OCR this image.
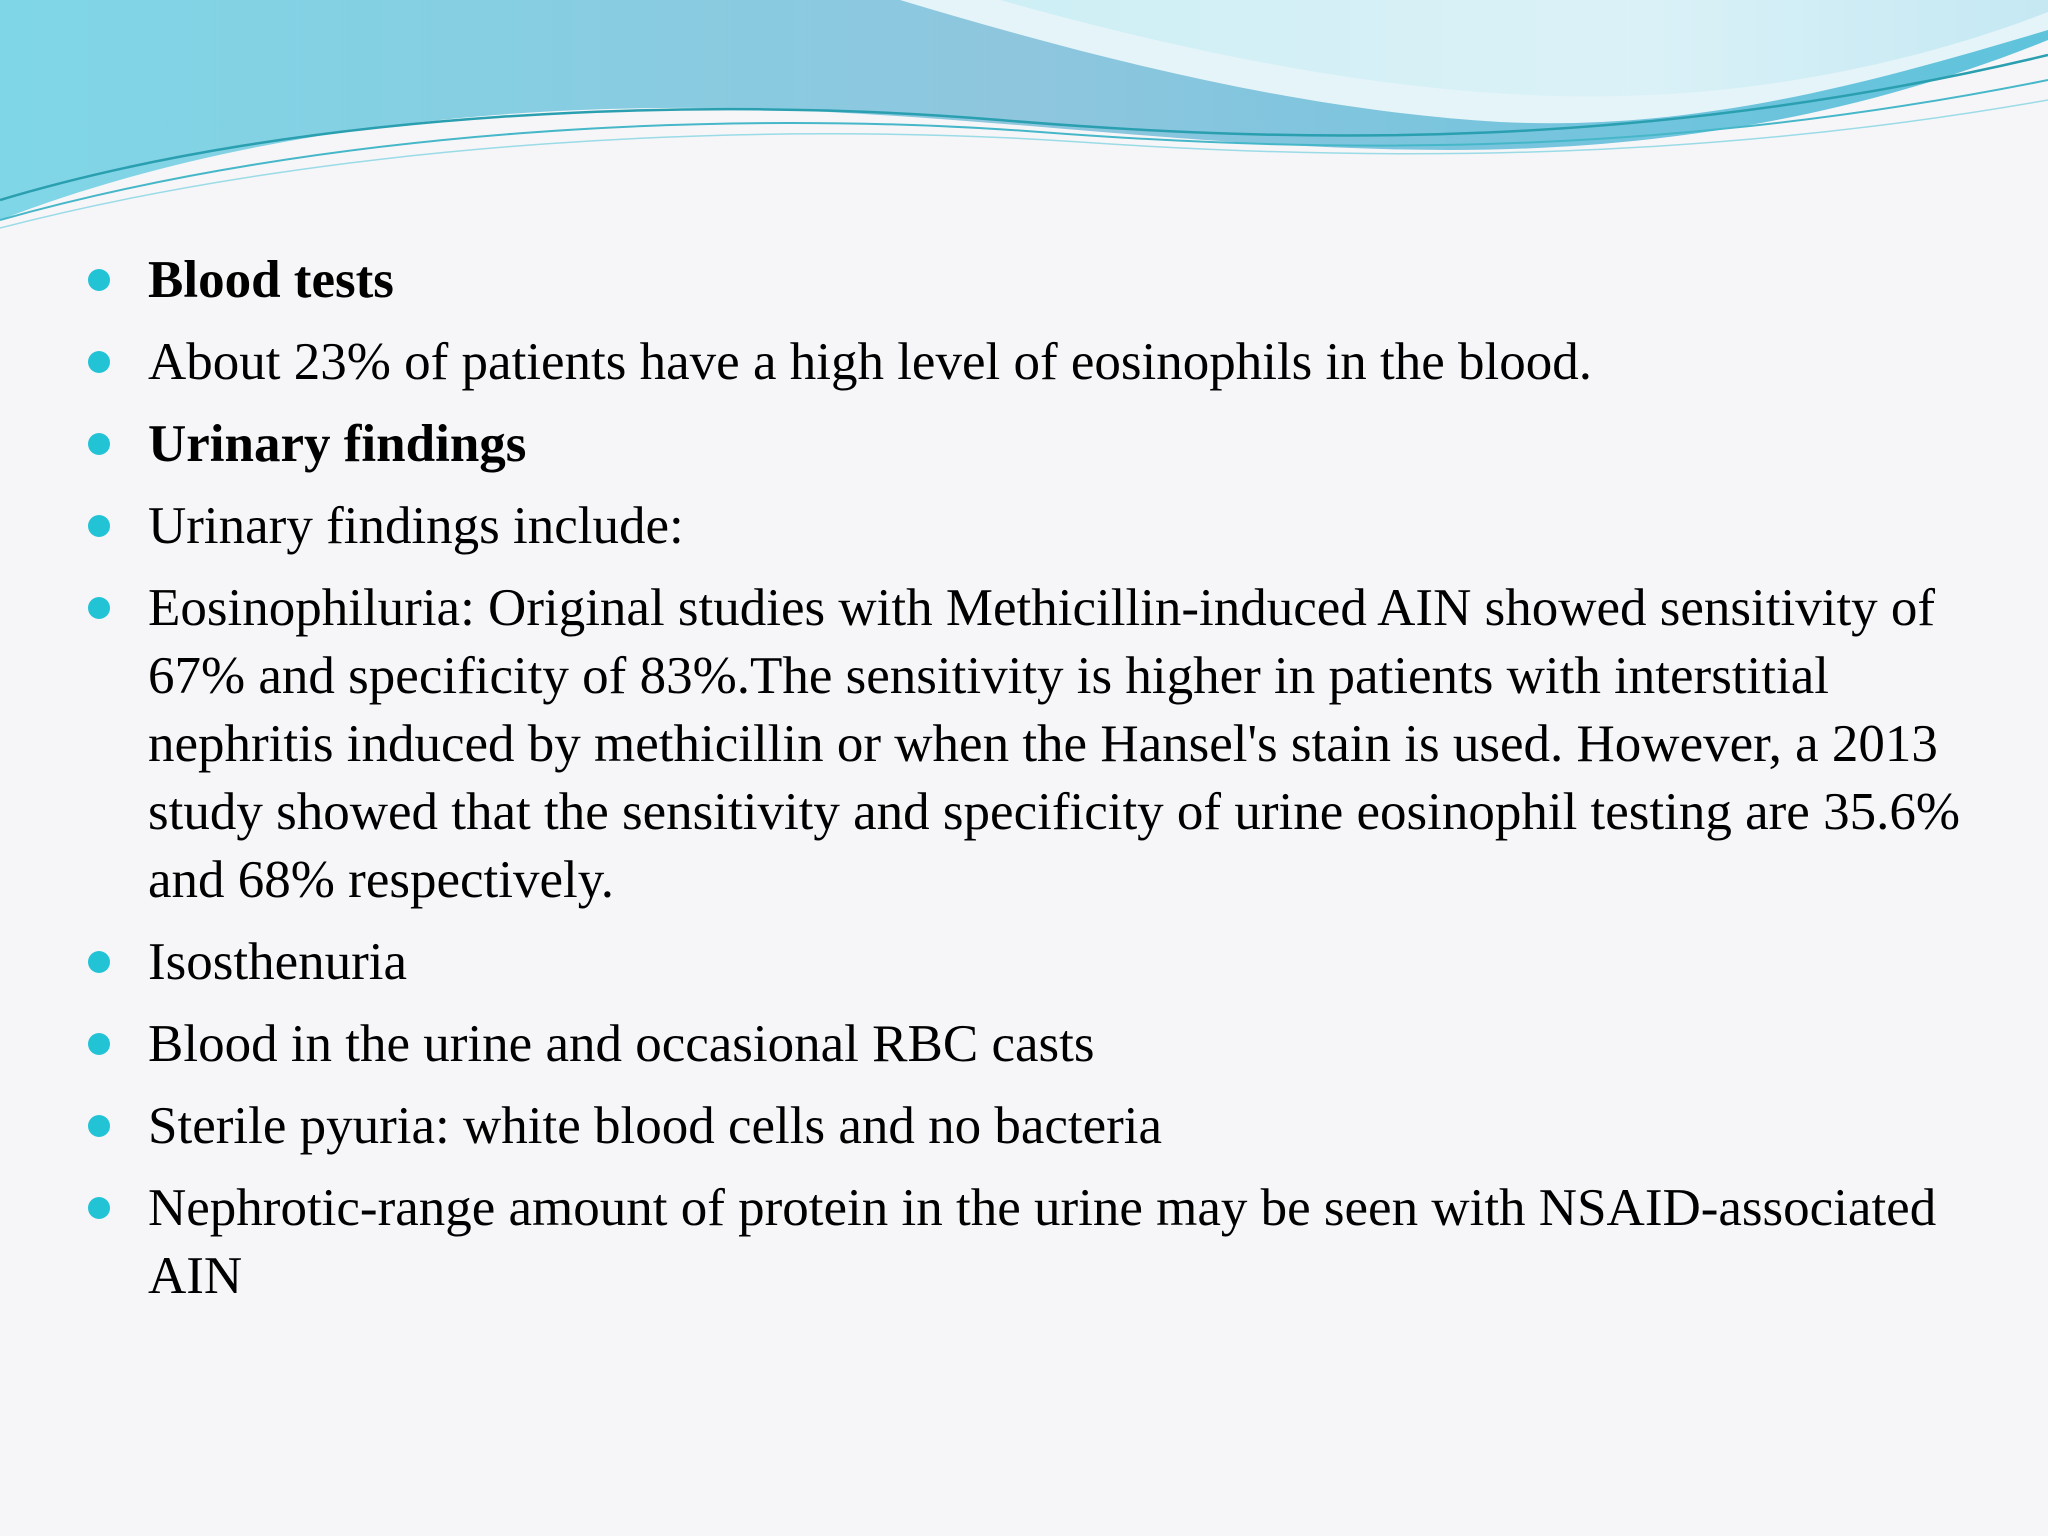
Blood tests
About 23% of patients have a high level of eosinophils in the blood.
Urinary findings
Urinary findings include:
Eosinophiluria: Original studies with Methicillin-induced AIN showed sensitivity of 67% and specificity of 83%.The sensitivity is higher in patients with interstitial nephritis induced by methicillin or when the Hansel's stain is used. However, a 2013 study showed that the sensitivity and specificity of urine eosinophil testing are 35.6% and 68% respectively.
Isosthenuria
Blood in the urine and occasional RBC casts
Sterile pyuria: white blood cells and no bacteria
Nephrotic-range amount of protein in the urine may be seen with NSAID-associated AIN
